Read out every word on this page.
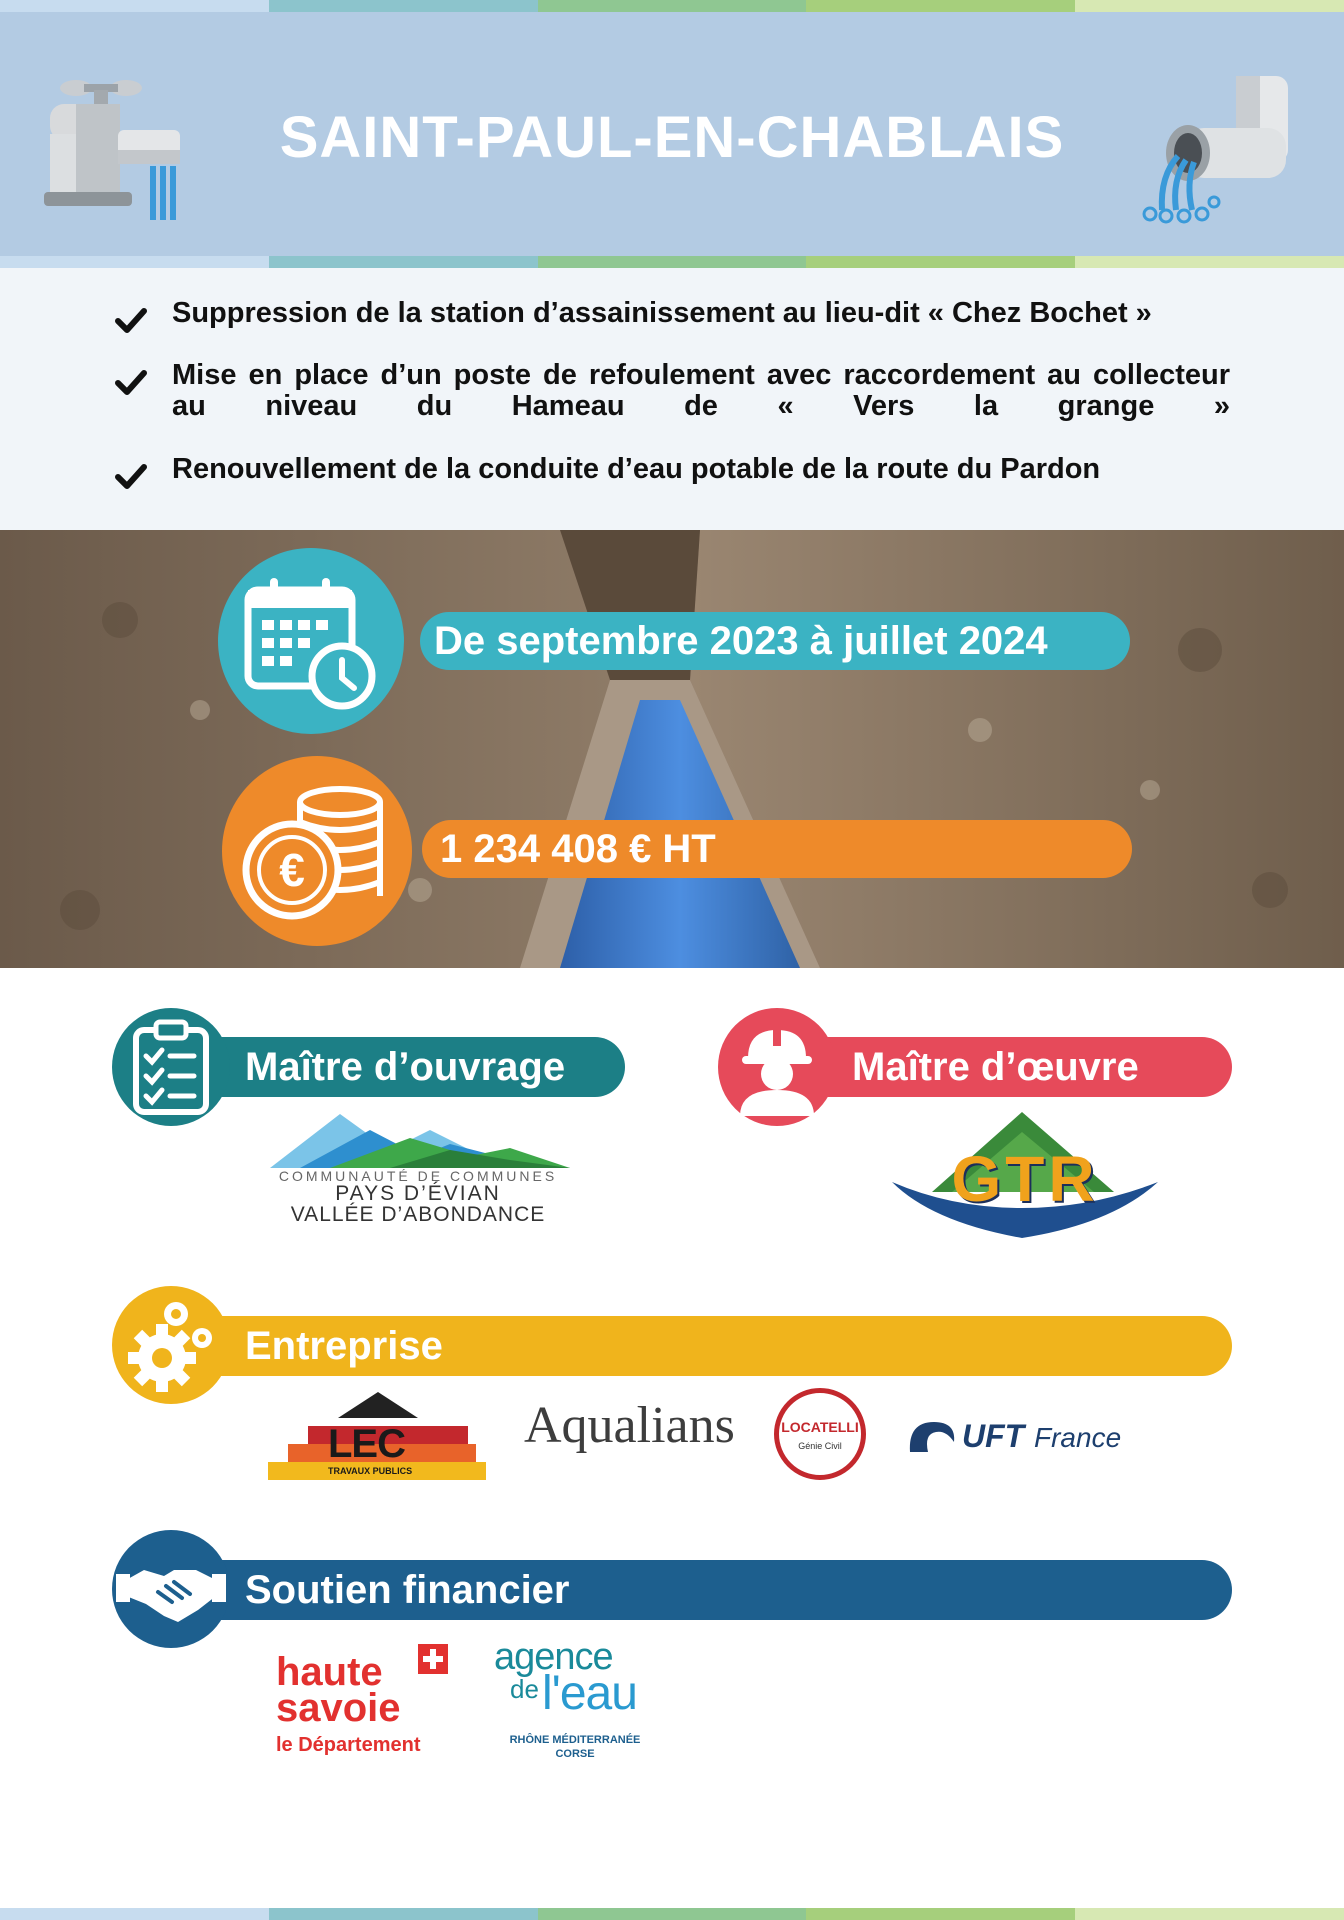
SAINT-PAUL-EN-CHABLAIS
Suppression de la station d’assainissement au lieu-dit « Chez Bochet »
Mise en place d’un poste de refoulement avec raccordement au collecteur au niveau du Hameau de « Vers la grange »
Renouvellement de la conduite d’eau potable de la route du Pardon
De septembre 2023 à juillet 2024
€	1 234 408 € HT
Maître d’ouvrage
COMMUNAUTÉ DE COMMUNES
PAYS D’ÉVIAN
VALLÉE D’ABONDANCE
Maître d’œuvre
GTR
Entreprise
LEC
TRAVAUX PUBLICS
Aqualians	LOCATELLI
Génie Civil	UFT France
Soutien financier
haute
savoie
le Département
agence
de l'eau
RHÔNE MÉDITERRANÉE
CORSE
